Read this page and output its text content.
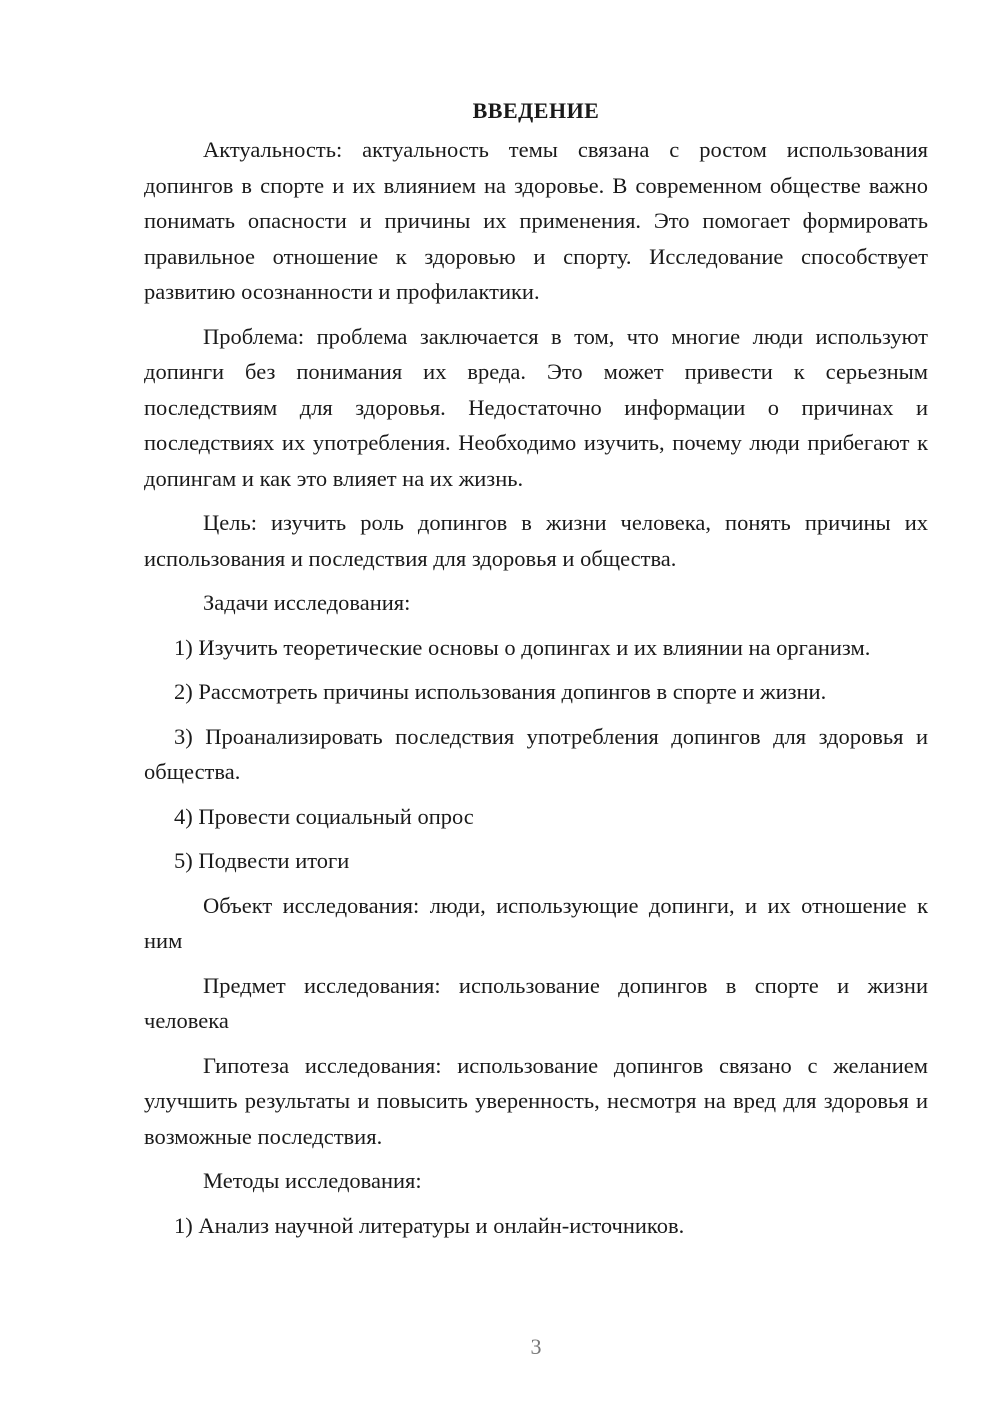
ВВЕДЕНИЕ

Актуальность: актуальность темы связана с ростом использования допингов в спорте и их влиянием на здоровье. В современном обществе важно понимать опасности и причины их применения. Это помогает формировать правильное отношение к здоровью и спорту. Исследование способствует развитию осознанности и профилактики.

Проблема: проблема заключается в том, что многие люди используют допинги без понимания их вреда. Это может привести к серьезным последствиям для здоровья. Недостаточно информации о причинах и последствиях их употребления. Необходимо изучить, почему люди прибегают к допингам и как это влияет на их жизнь.

Цель: изучить роль допингов в жизни человека, понять причины их использования и последствия для здоровья и общества.

Задачи исследования:

1) Изучить теоретические основы о допингах и их влиянии на организм.

2) Рассмотреть причины использования допингов в спорте и жизни.

3) Проанализировать последствия употребления допингов для здоровья и общества.

4) Провести социальный опрос

5) Подвести итоги

Объект исследования: люди, использующие допинги, и их отношение к ним

Предмет исследования: использование допингов в спорте и жизни человека

Гипотеза исследования: использование допингов связано с желанием улучшить результаты и повысить уверенность, несмотря на вред для здоровья и возможные последствия.

Методы исследования:

1) Анализ научной литературы и онлайн-источников.

3
